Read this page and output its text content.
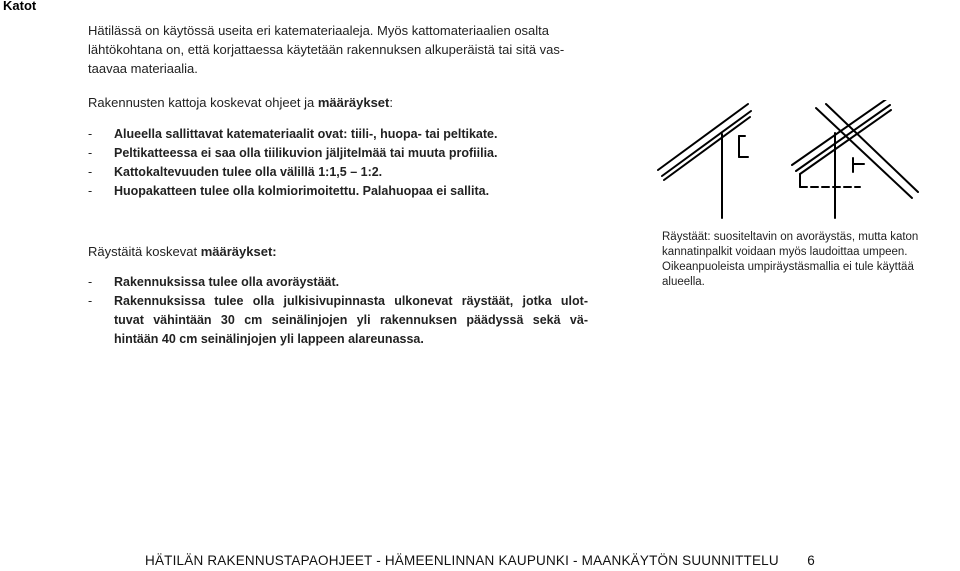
Katot

Hätilässä on käytössä useita eri katemateriaaleja. Myös kattomateriaalien osalta

lähtökohtana on, että korjattaessa käytetään rakennuksen alkuperäistä tai sitä vas-

taavaa materiaalia.

Rakennusten kattoja koskevat ohjeet ja määräykset:
- Alueella sallittavat katemateriaalit ovat: tiili-, huopa- tai peltikate.
- Peltikatteessa ei saa olla tiilikuvion jäljitelmää tai muuta profiilia.
- Kattokaltevuuden tulee olla välillä 1:1,5 – 1:2.
- Huopakatteen tulee olla kolmiorimoitettu. Palahuopaa ei sallita.
Räystäitä koskevat määräykset:
- Rakennuksissa tulee olla avoräystäät.
- Rakennuksissa tulee olla julkisivupinnasta ulkonevat räystäät, jotka ulot-
tuvat vähintään 30 cm seinälinjojen yli rakennuksen päädyssä sekä vä-
hintään 40 cm seinälinjojen yli lappeen alareunassa.
Räystäät: suositeltavin on avoräystäs, mutta katon
kannatinpalkit voidaan myös laudoittaa umpeen.
Oikeanpuoleista umpiräystäsmallia ei tule käyttää alueella.
HÄTILÄN RAKENNUSTAPAOHJEET - HÄMEENLINNAN KAUPUNKI - MAANKÄYTÖN SUUNNITTELU 6
